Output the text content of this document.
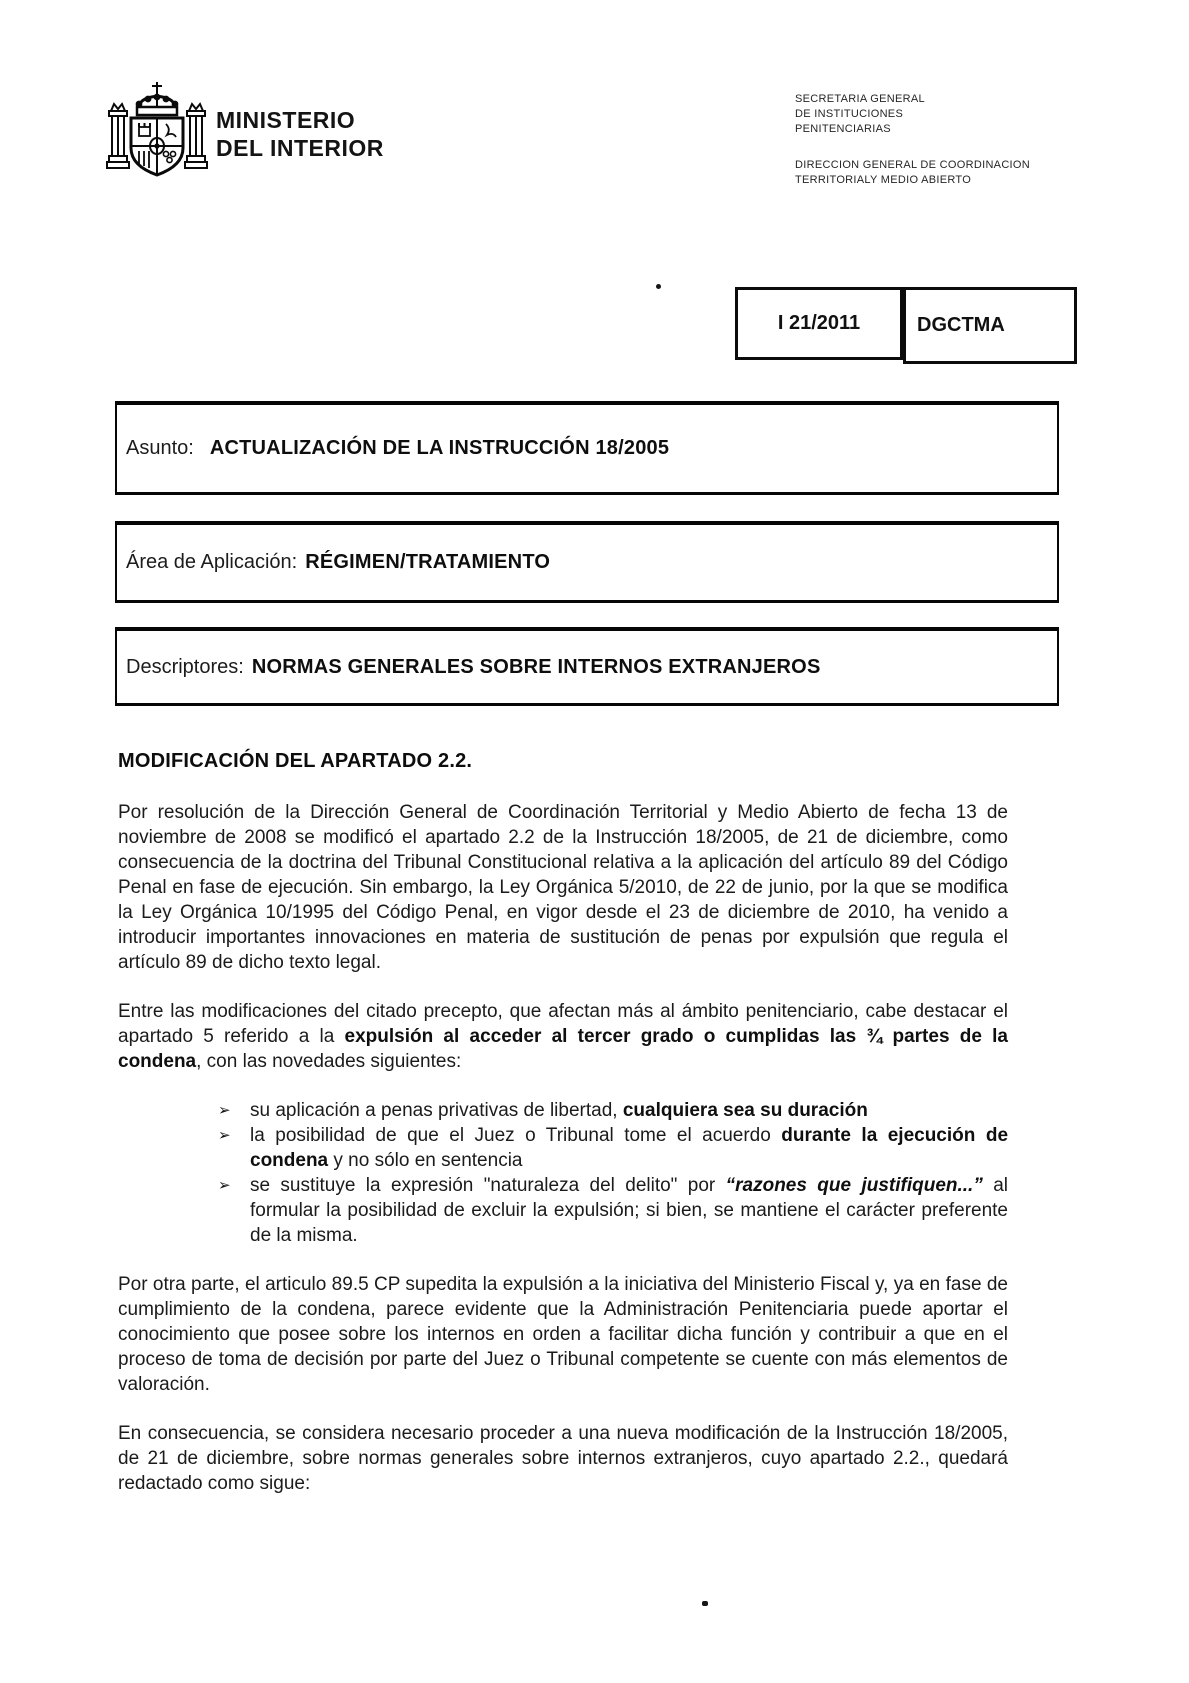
MINISTERIO
DEL INTERIOR
SECRETARIA GENERAL
DE INSTITUCIONES
PENITENCIARIAS
DIRECCION GENERAL DE COORDINACION
TERRITORIALY MEDIO ABIERTO
I 21/2011	DGCTMA
Asunto: ACTUALIZACIÓN DE LA INSTRUCCIÓN 18/2005
Área de Aplicación: RÉGIMEN/TRATAMIENTO
Descriptores: NORMAS GENERALES SOBRE INTERNOS EXTRANJEROS
MODIFICACIÓN DEL APARTADO 2.2.

Por resolución de la Dirección General de Coordinación Territorial y Medio Abierto de fecha 13 de noviembre de 2008 se modificó el apartado 2.2 de la Instrucción 18/2005, de 21 de diciembre, como consecuencia de la doctrina del Tribunal Constitucional relativa a la aplicación del artículo 89 del Código Penal en fase de ejecución. Sin embargo, la Ley Orgánica 5/2010, de 22 de junio, por la que se modifica la Ley Orgánica 10/1995 del Código Penal, en vigor desde el 23 de diciembre de 2010, ha venido a introducir importantes innovaciones en materia de sustitución de penas por expulsión que regula el artículo 89 de dicho texto legal.

Entre las modificaciones del citado precepto, que afectan más al ámbito penitenciario, cabe destacar el apartado 5 referido a la expulsión al acceder al tercer grado o cumplidas las ¾ partes de la condena, con las novedades siguientes:

➢	su aplicación a penas privativas de libertad, cualquiera sea su duración
➢	la posibilidad de que el Juez o Tribunal tome el acuerdo durante la ejecución de condena y no sólo en sentencia
➢	se sustituye la expresión "naturaleza del delito" por “razones que justifiquen...” al formular la posibilidad de excluir la expulsión; si bien, se mantiene el carácter preferente de la misma.

Por otra parte, el articulo 89.5 CP supedita la expulsión a la iniciativa del Ministerio Fiscal y, ya en fase de cumplimiento de la condena, parece evidente que la Administración Penitenciaria puede aportar el conocimiento que posee sobre los internos en orden a facilitar dicha función y contribuir a que en el proceso de toma de decisión por parte del Juez o Tribunal competente se cuente con más elementos de valoración.

En consecuencia, se considera necesario proceder a una nueva modificación de la Instrucción 18/2005, de 21 de diciembre, sobre normas generales sobre internos extranjeros, cuyo apartado 2.2., quedará redactado como sigue:
